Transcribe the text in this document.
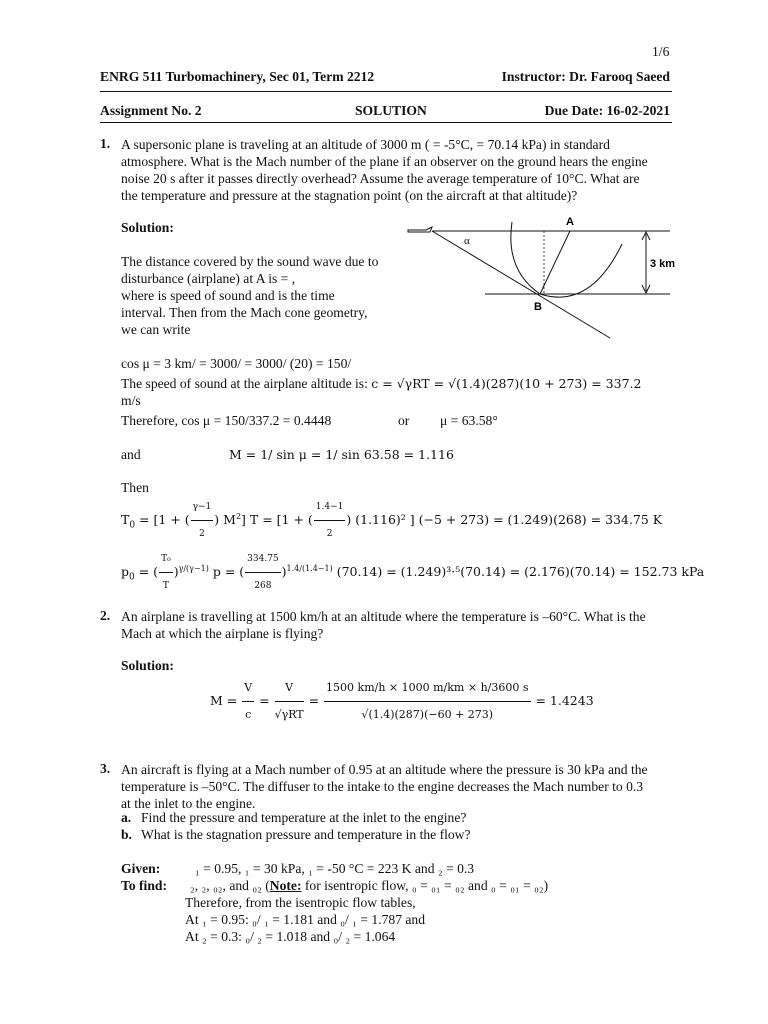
1/6
ENRG 511 Turbomachinery, Sec 01, Term 2212	Instructor: Dr. Farooq Saeed
Assignment No. 2	SOLUTION	Due Date: 16-02-2021
1. A supersonic plane is traveling at an altitude of 3000 m ( = -5°C, = 70.14 kPa) in standard
atmosphere. What is the Mach number of the plane if an observer on the ground hears the engine
noise 20 s after it passes directly overhead? Assume the average temperature of 10°C. What are
the temperature and pressure at the stagnation point (on the aircraft at that altitude)?
Solution:
The distance covered by the sound wave due to
disturbance (airplane) at A is = ,
where is speed of sound and is the time
interval. Then from the Mach cone geometry,
we can write
A
B
α
3 km
cos μ = 3 km/ = 3000/ = 3000/ (20) = 150/
The speed of sound at the airplane altitude is: c = √γRT = √(1.4)(287)(10 + 273) = 337.2
m/s
Therefore, cos μ = 150/337.2 = 0.4448	or μ = 63.58°
and	M = 1/ sin μ = 1/ sin 63.58 = 1.116
Then
$T_0 = [1$ + ( $\frac{\gamma-1}{2}$ ) $M^2$] T = [1 + ( $\frac{1.4-1}{2}$ ) (1.116)² ] (−5 + 273) = (1.249)(268) = 334.75 K
$p_0$ = ( $\frac{\text{T₀}}{T} )^{\gamma/(\gamma-1)}$ p = ( $\frac{334.75}{268} )^{1.4/(1.4-1)}$ (70.14) = (1.249)³·⁵(70.14) = (2.176)(70.14) = 152.73 kPa
2. An airplane is travelling at 1500 km/h at an altitude where the temperature is –60°C. What is the
Mach at which the airplane is flying?
Solution:
$M = \frac{V}{c} = \frac{V}{\text{√γRT}} = \frac{1500 km/h \times 1000 m/km \times h/3600 s}{√(1.4)(287)(-60 + 273)} = 1.4243$
3. An aircraft is flying at a Mach number of 0.95 at an altitude where the pressure is 30 kPa and the
temperature is –50°C. The diffuser to the intake to the engine decreases the Mach number to 0.3
at the inlet to the engine.
a. Find the pressure and temperature at the inlet to the engine?
b. What is the stagnation pressure and temperature in the flow?
Given:	₁ = 0.95, ₁ = 30 kPa, ₁ = -50 °C = 223 K and ₂ = 0.3
To find: ₂, ₂, ₀₂, and ₀₂ (Note: for isentropic flow, ₀ = ₀₁ = ₀₂ and ₀ = ₀₁ = ₀₂)
Therefore, from the isentropic flow tables,
At ₁ = 0.95: ₀/ ₁ = 1.181 and ₀/ ₁ = 1.787 and
At ₂ = 0.3: ₀/ ₂ = 1.018 and ₀/ ₂ = 1.064
